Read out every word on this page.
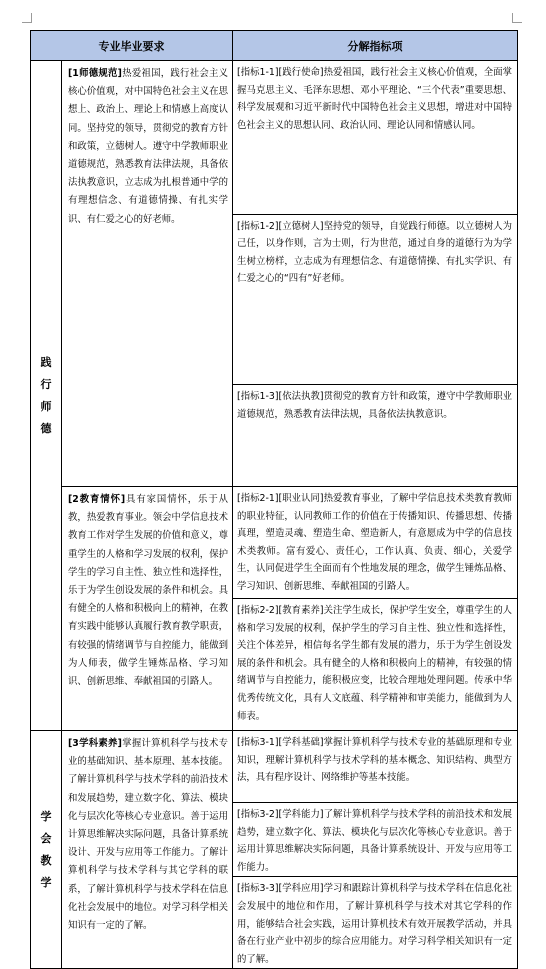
专业毕业要求		分解指标项
践行师德	[1师德规范]热爱祖国，践行社会主义核心价值观，对中国特色社会主义在思想上、政治上、理论上和情感上高度认同。坚持党的领导，贯彻党的教育方针和政策，立德树人。遵守中学教师职业道德规范，熟悉教育法律法规，具备依法执教意识，立志成为扎根普通中学的有理想信念、有道德情操、有扎实学识、有仁爱之心的好老师。	[指标1-1][践行使命]热爱祖国，践行社会主义核心价值观，全面掌握马克思主义、毛泽东思想、邓小平理论、“三个代表”重要思想、科学发展观和习近平新时代中国特色社会主义思想，增进对中国特色社会主义的思想认同、政治认同、理论认同和情感认同。
		[指标1-2][立德树人]坚持党的领导，自觉践行师德。以立德树人为己任，以身作则，言为士则，行为世范，通过自身的道德行为为学生树立榜样，立志成为有理想信念、有道德情操、有扎实学识、有仁爱之心的“四有”好老师。
		[指标1-3][依法执教]贯彻党的教育方针和政策，遵守中学教师职业道德规范，熟悉教育法律法规，具备依法执教意识。
	[2教育情怀]具有家国情怀，乐于从教，热爱教育事业。领会中学信息技术教育工作对学生发展的价值和意义，尊重学生的人格和学习发展的权利，保护学生的学习自主性、独立性和选择性，乐于为学生创设发展的条件和机会。具有健全的人格和积极向上的精神，在教育实践中能够认真履行教育教学职责，有较强的情绪调节与自控能力，能做到为人师表，做学生锤炼品格、学习知识、创新思维、奉献祖国的引路人。	[指标2-1][职业认同]热爱教育事业，了解中学信息技术类教育教师的职业特征，认同教师工作的价值在于传播知识、传播思想、传播真理，塑造灵魂、塑造生命、塑造新人，有意愿成为中学的信息技术类教师。富有爱心、责任心，工作认真、负责、细心，关爱学生，认同促进学生全面而有个性地发展的理念，做学生锤炼品格、学习知识、创新思维、奉献祖国的引路人。
		[指标2-2][教育素养]关注学生成长，保护学生安全，尊重学生的人格和学习发展的权利，保护学生的学习自主性、独立性和选择性，关注个体差异，相信每名学生都有发展的潜力，乐于为学生创设发展的条件和机会。具有健全的人格和积极向上的精神，有较强的情绪调节与自控能力，能积极应变，比较合理地处理问题。传承中华优秀传统文化，具有人文底蕴、科学精神和审美能力，能做到为人师表。
学会教学	[3学科素养]掌握计算机科学与技术专业的基础知识、基本原理、基本技能。了解计算机科学与技术学科的前沿技术和发展趋势，建立数字化、算法、模块化与层次化等核心专业意识。善于运用计算思维解决实际问题，具备计算系统设计、开发与应用等工作能力。了解计算机科学与技术学科与其它学科的联系，了解计算机科学与技术学科在信息化社会发展中的地位。对学习科学相关知识有一定的了解。	[指标3-1][学科基础]掌握计算机科学与技术专业的基础原理和专业知识，理解计算机科学与技术学科的基本概念、知识结构、典型方法，具有程序设计、网络维护等基本技能。
		[指标3-2][学科能力]了解计算机科学与技术学科的前沿技术和发展趋势，建立数字化、算法、模块化与层次化等核心专业意识。善于运用计算思维解决实际问题，具备计算系统设计、开发与应用等工作能力。
		[指标3-3][学科应用]学习和跟踪计算机科学与技术学科在信息化社会发展中的地位和作用，了解计算机科学与技术对其它学科的作用，能够结合社会实践，运用计算机技术有效开展教学活动，并具备在行业产业中初步的综合应用能力。对学习科学相关知识有一定的了解。
